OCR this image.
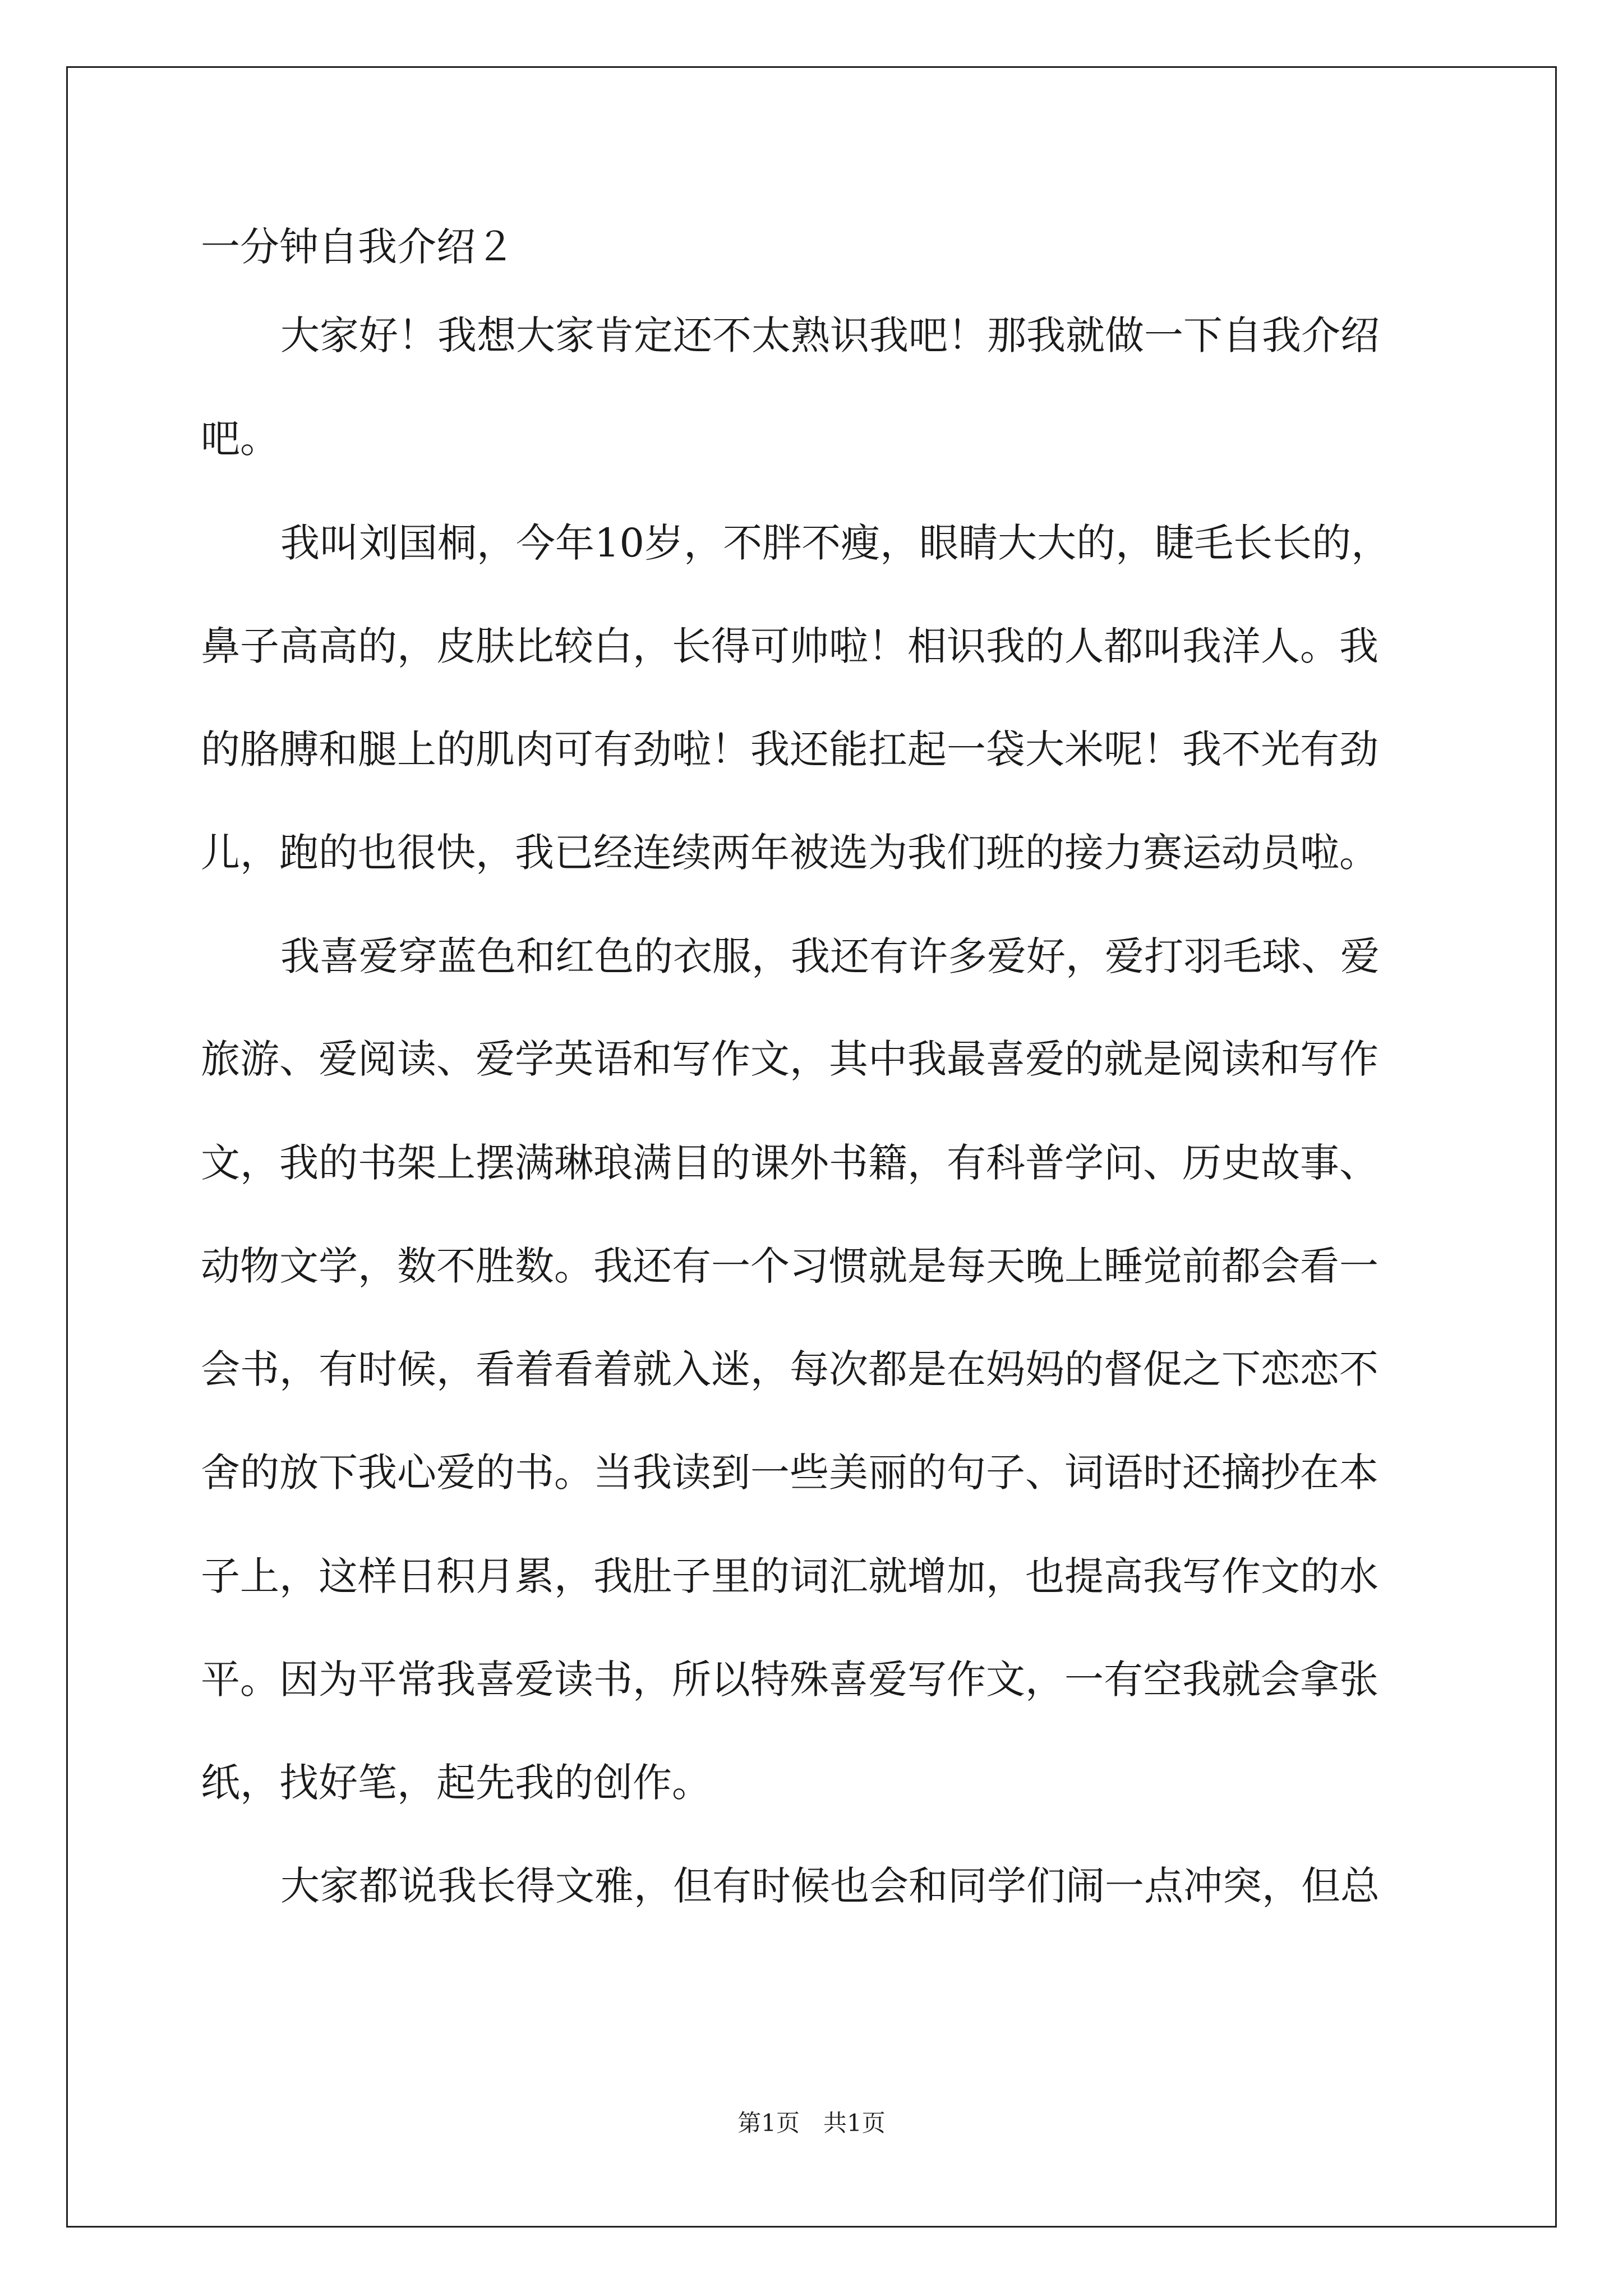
一分钟自我介绍２

大家好！我想大家肯定还不太熟识我吧！那我就做一下自我介绍

吧。

我叫刘国桐，今年10岁，不胖不瘦，眼睛大大的，睫毛长长的，

鼻子高高的，皮肤比较白，长得可帅啦！相识我的人都叫我洋人。我

的胳膊和腿上的肌肉可有劲啦！我还能扛起一袋大米呢！我不光有劲

儿，跑的也很快，我已经连续两年被选为我们班的接力赛运动员啦。

我喜爱穿蓝色和红色的衣服，我还有许多爱好，爱打羽毛球、爱

旅游、爱阅读、爱学英语和写作文，其中我最喜爱的就是阅读和写作

文，我的书架上摆满琳琅满目的课外书籍，有科普学问、历史故事、

动物文学，数不胜数。我还有一个习惯就是每天晚上睡觉前都会看一

会书，有时候，看着看着就入迷，每次都是在妈妈的督促之下恋恋不

舍的放下我心爱的书。当我读到一些美丽的句子、词语时还摘抄在本

子上，这样日积月累，我肚子里的词汇就增加，也提高我写作文的水

平。因为平常我喜爱读书，所以特殊喜爱写作文，一有空我就会拿张

纸，找好笔，起先我的创作。

大家都说我长得文雅，但有时候也会和同学们闹一点冲突，但总

第1页　共1页
